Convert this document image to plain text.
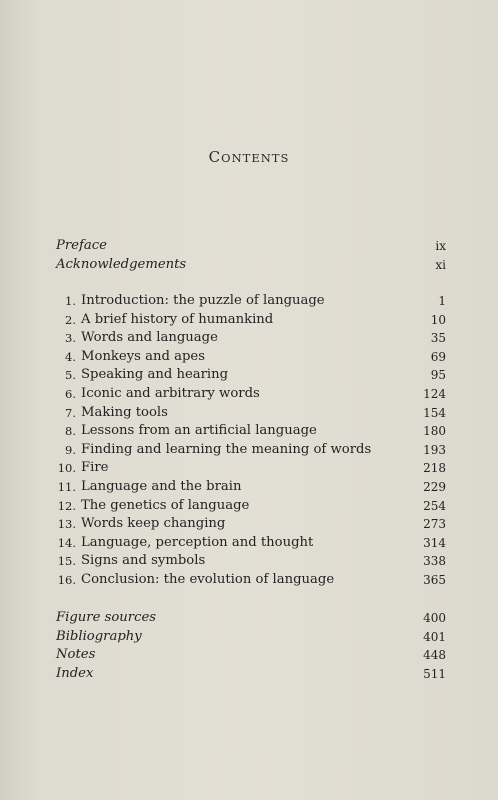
CONTENTS
Preface	ix
Acknowledgements	xi
1. Introduction: the puzzle of language	1
2. A brief history of humankind	10
3. Words and language	35
4. Monkeys and apes	69
5. Speaking and hearing	95
6. Iconic and arbitrary words	124
7. Making tools	154
8. Lessons from an artificial language	180
9. Finding and learning the meaning of words	193
10. Fire	218
11. Language and the brain	229
12. The genetics of language	254
13. Words keep changing	273
14. Language, perception and thought	314
15. Signs and symbols	338
16. Conclusion: the evolution of language	365
Figure sources	400
Bibliography	401
Notes	448
Index	511
